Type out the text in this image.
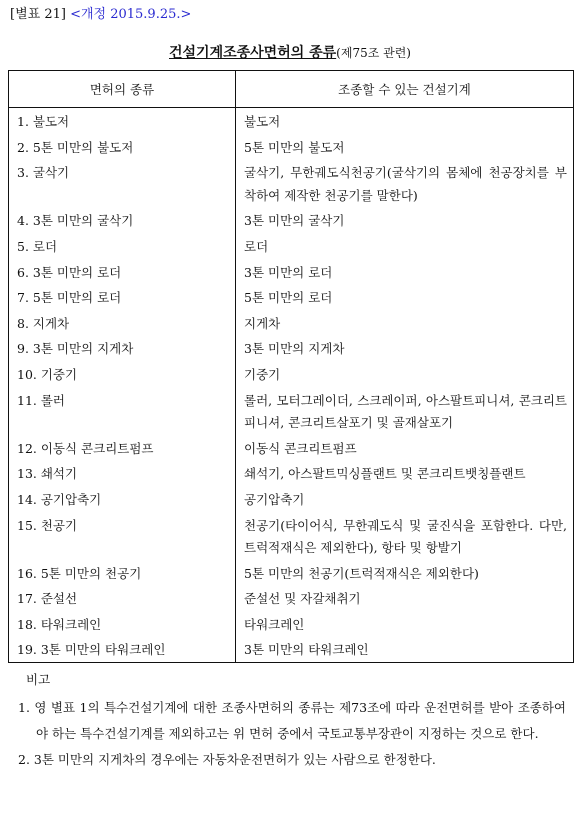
[별표 21] <개정 2015.9.25.>
건설기계조종사면허의 종류(제75조 관련)
면허의 종류	조종할 수 있는 건설기계
1. 불도저	불도저
2. 5톤 미만의 불도저	5톤 미만의 불도저
3. 굴삭기	굴삭기, 무한궤도식천공기(굴삭기의 몸체에 천공장치를 부착하여 제작한 천공기를 말한다)
4. 3톤 미만의 굴삭기	3톤 미만의 굴삭기
5. 로더	로더
6. 3톤 미만의 로더	3톤 미만의 로더
7. 5톤 미만의 로더	5톤 미만의 로더
8. 지게차	지게차
9. 3톤 미만의 지게차	3톤 미만의 지게차
10. 기중기	기중기
11. 롤러	롤러, 모터그레이더, 스크레이퍼, 아스팔트피니셔, 콘크리트피니셔, 콘크리트살포기 및 골재살포기
12. 이동식 콘크리트펌프	이동식 콘크리트펌프
13. 쇄석기	쇄석기, 아스팔트믹싱플랜트 및 콘크리트뱃칭플랜트
14. 공기압축기	공기압축기
15. 천공기	천공기(타이어식, 무한궤도식 및 굴진식을 포함한다. 다만, 트럭적재식은 제외한다), 항타 및 항발기
16. 5톤 미만의 천공기	5톤 미만의 천공기(트럭적재식은 제외한다)
17. 준설선	준설선 및 자갈채취기
18. 타워크레인	타워크레인
19. 3톤 미만의 타워크레인	3톤 미만의 타워크레인
비고
1. 영 별표 1의 특수건설기계에 대한 조종사면허의 종류는 제73조에 따라 운전면허를 받아 조종하여야 하는 특수건설기계를 제외하고는 위 면허 중에서 국토교통부장관이 지정하는 것으로 한다.
2. 3톤 미만의 지게차의 경우에는 자동차운전면허가 있는 사람으로 한정한다.
